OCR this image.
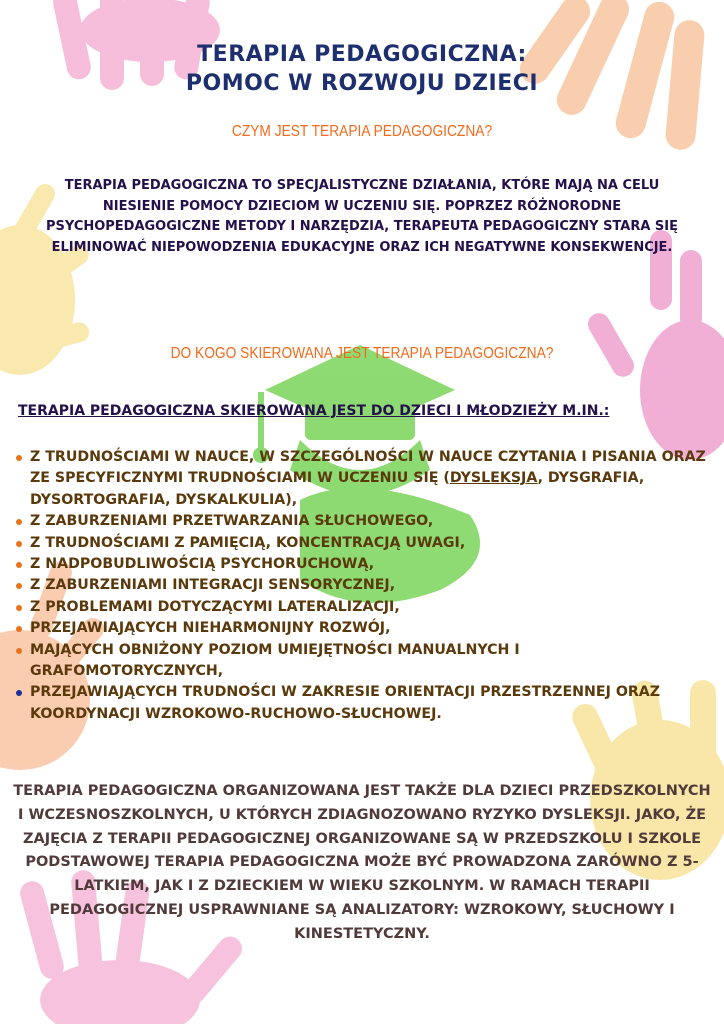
TERAPIA PEDAGOGICZNA:
POMOC W ROZWOJU DZIECI

CZYM JEST TERAPIA PEDAGOGICZNA?

TERAPIA PEDAGOGICZNA TO SPECJALISTYCZNE DZIAŁANIA, KTÓRE MAJĄ NA CELU NIESIENIE POMOCY DZIECIOM W UCZENIU SIĘ. POPRZEZ RÓŻNORODNE PSYCHOPEDAGOGICZNE METODY I NARZĘDZIA, TERAPEUTA PEDAGOGICZNY STARA SIĘ ELIMINOWAĆ NIEPOWODZENIA EDUKACYJNE ORAZ ICH NEGATYWNE KONSEKWENCJE.

DO KOGO SKIEROWANA JEST TERAPIA PEDAGOGICZNA?

TERAPIA PEDAGOGICZNA SKIEROWANA JEST DO DZIECI I MŁODZIEŻY M.IN.:

Z TRUDNOŚCIAMI W NAUCE, W SZCZEGÓLNOŚCI W NAUCE CZYTANIA I PISANIA ORAZ ZE SPECYFICZNYMI TRUDNOŚCIAMI W UCZENIU SIĘ (DYSLEKSJA, DYSGRAFIA, DYSORTOGRAFIA, DYSKALKULIA),
Z ZABURZENIAMI PRZETWARZANIA SŁUCHOWEGO,
Z TRUDNOŚCIAMI Z PAMIĘCIĄ, KONCENTRACJĄ UWAGI,
Z NADPOBUDLIWOŚCIĄ PSYCHORUCHOWĄ,
Z ZABURZENIAMI INTEGRACJI SENSORYCZNEJ,
Z PROBLEMAMI DOTYCZĄCYMI LATERALIZACJI,
PRZEJAWIAJĄCYCH NIEHARMONIJNY ROZWÓJ,
MAJĄCYCH OBNIŻONY POZIOM UMIEJĘTNOŚCI MANUALNYCH I GRAFOMOTORYCZNYCH,
PRZEJAWIAJĄCYCH TRUDNOŚCI W ZAKRESIE ORIENTACJI PRZESTRZENNEJ ORAZ KOORDYNACJI WZROKOWO-RUCHOWO-SŁUCHOWEJ.

TERAPIA PEDAGOGICZNA ORGANIZOWANA JEST TAKŻE DLA DZIECI PRZEDSZKOLNYCH I WCZESNOSZKOLNYCH, U KTÓRYCH ZDIAGNOZOWANO RYZYKO DYSLEKSJI. JAKO, ŻE ZAJĘCIA Z TERAPII PEDAGOGICZNEJ ORGANIZOWANE SĄ W PRZEDSZKOLU I SZKOLE PODSTAWOWEJ TERAPIA PEDAGOGICZNA MOŻE BYĆ PROWADZONA ZARÓWNO Z 5-LATKIEM, JAK I Z DZIECKIEM W WIEKU SZKOLNYM. W RAMACH TERAPII PEDAGOGICZNEJ USPRAWNIANE SĄ ANALIZATORY: WZROKOWY, SŁUCHOWY I KINESTETYCZNY.
